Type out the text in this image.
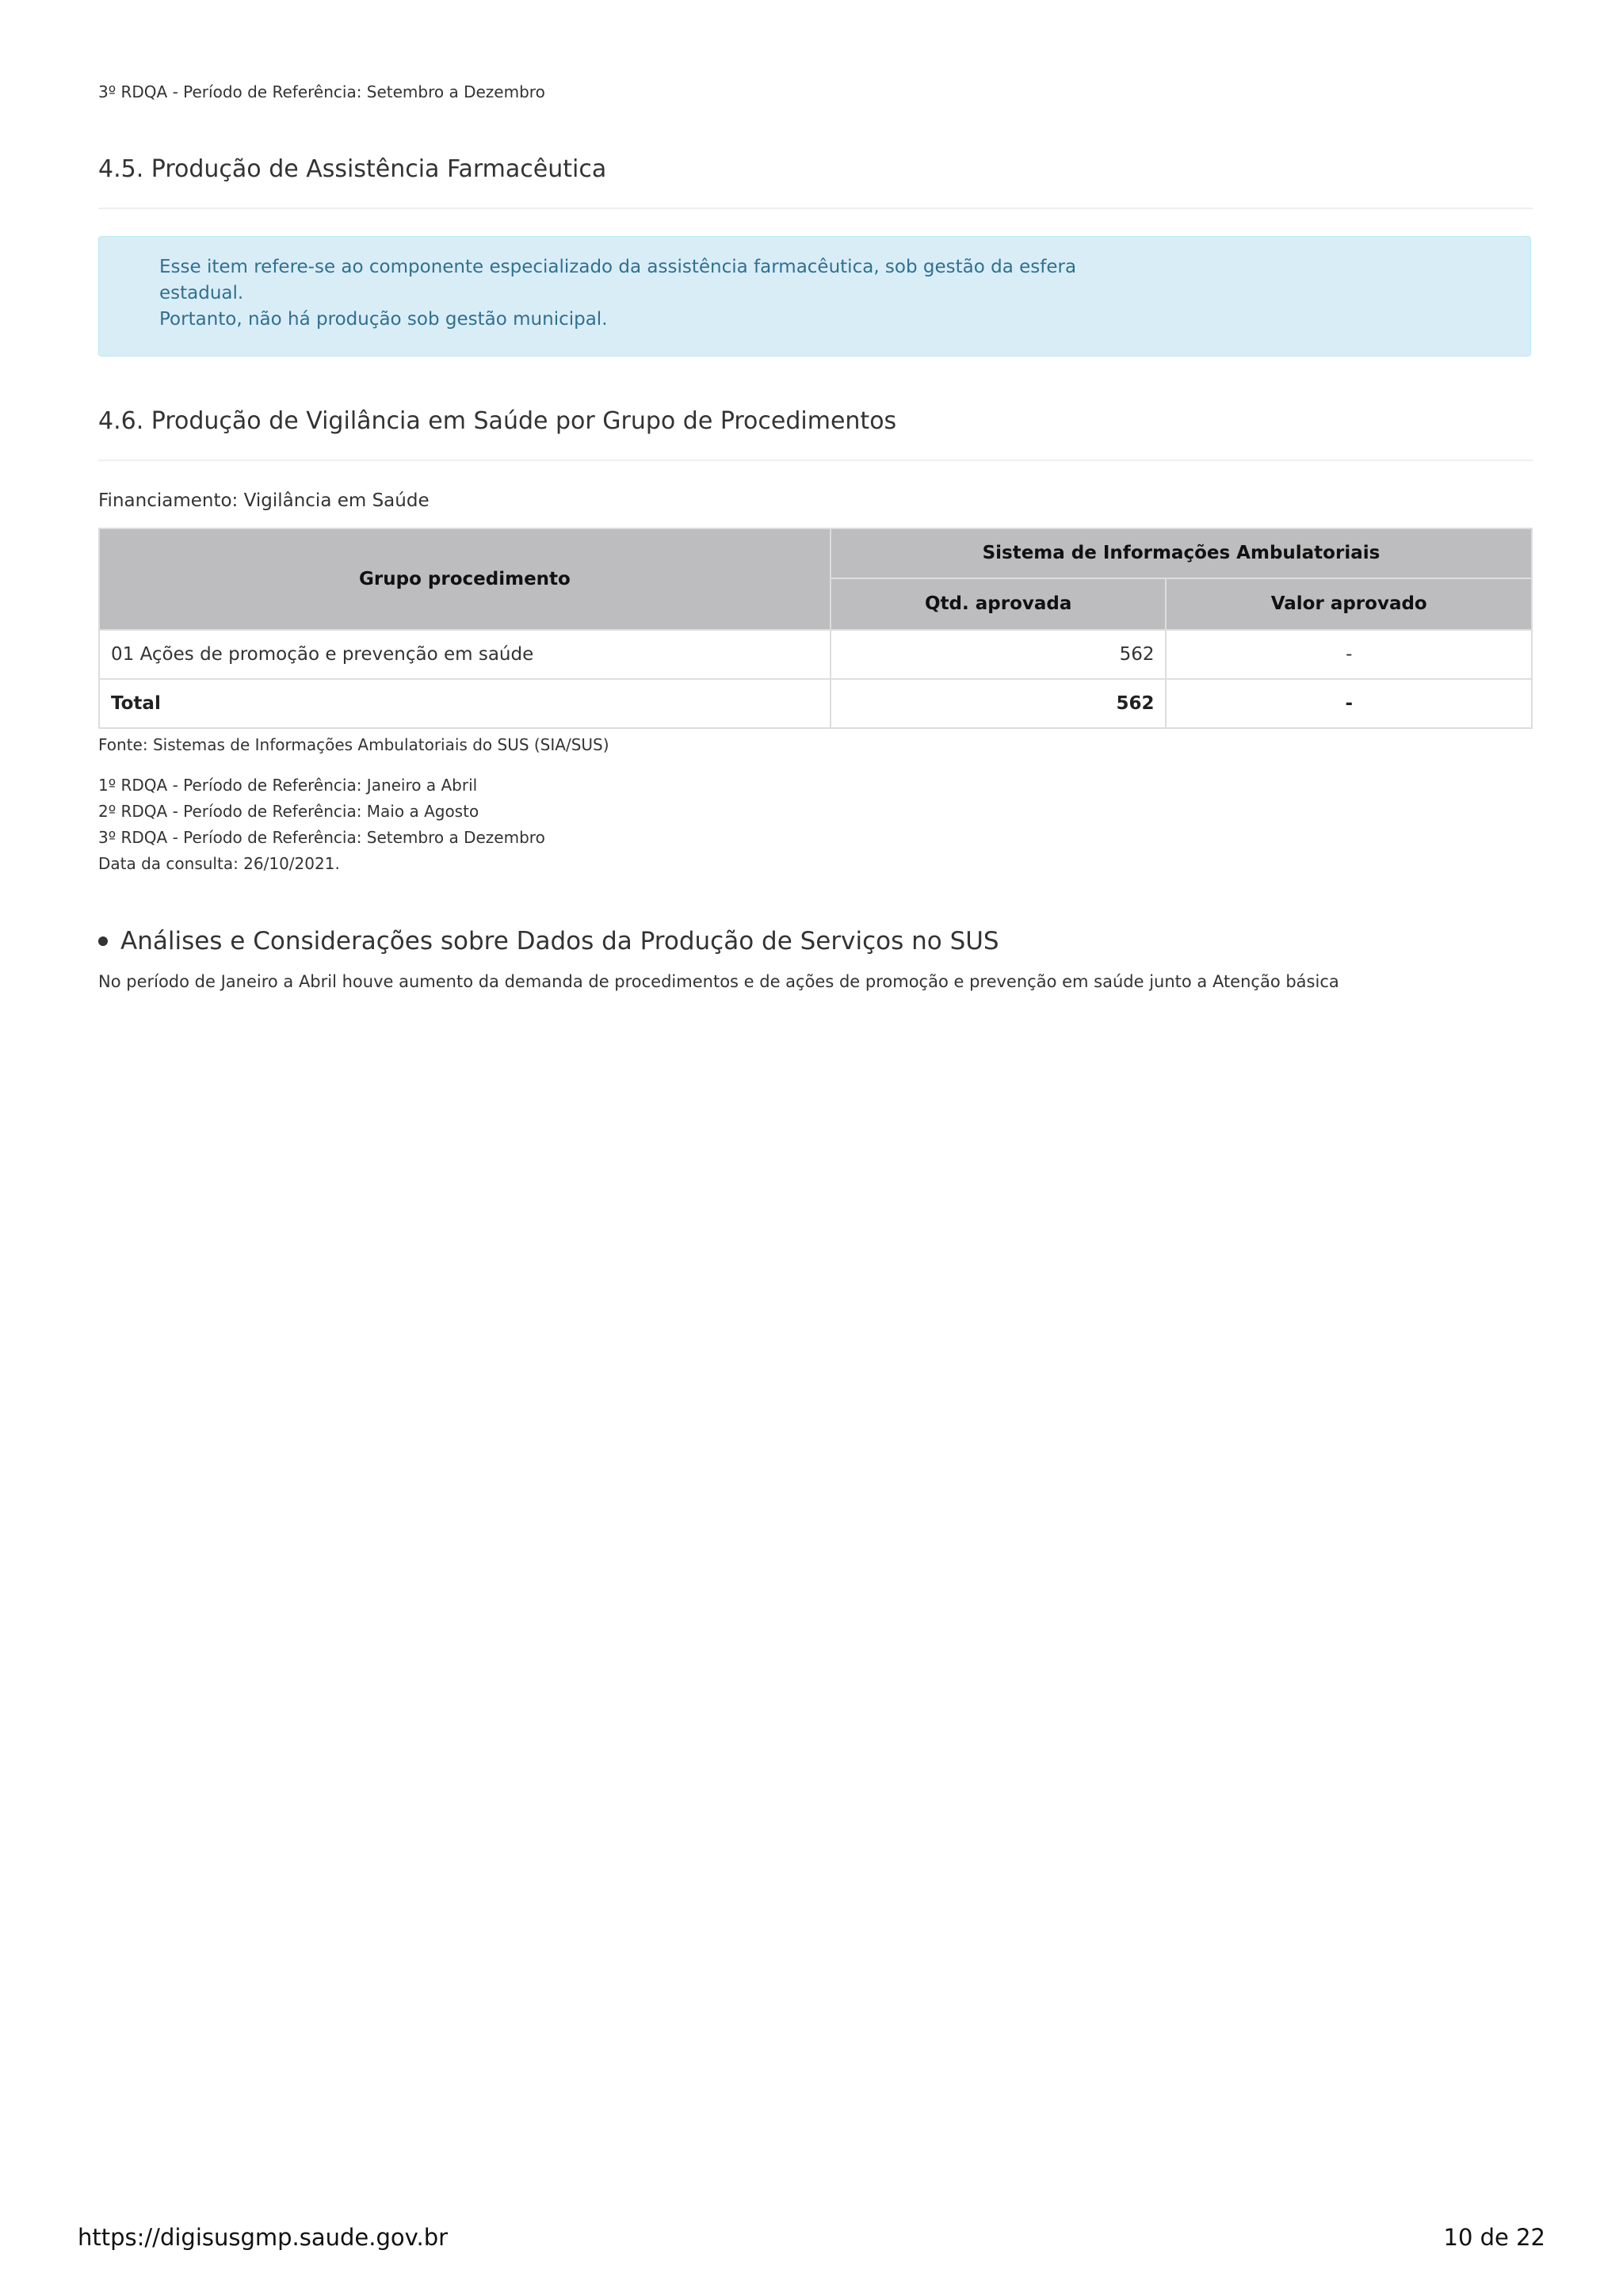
3º RDQA - Período de Referência: Setembro a Dezembro
4.5. Produção de Assistência Farmacêutica

Esse item refere-se ao componente especializado da assistência farmacêutica, sob gestão da esfera

estadual.

Portanto, não há produção sob gestão municipal.

4.6. Produção de Vigilância em Saúde por Grupo de Procedimentos
Financiamento: Vigilância em Saúde
Grupo procedimento	Sistema de Informações Ambulatoriais	
	Qtd. aprovada	Valor aprovado
01 Ações de promoção e prevenção em saúde	562	-
Total	562	-
Fonte: Sistemas de Informações Ambulatoriais do SUS (SIA/SUS)
1º RDQA - Período de Referência: Janeiro a Abril
2º RDQA - Período de Referência: Maio a Agosto
3º RDQA - Período de Referência: Setembro a Dezembro
Data da consulta: 26/10/2021.
Análises e Considerações sobre Dados da Produção de Serviços no SUS
No período de Janeiro a Abril houve aumento da demanda de procedimentos e de ações de promoção e prevenção em saúde junto a Atenção básica
https://digisusgmp.saude.gov.br	10 de 22
